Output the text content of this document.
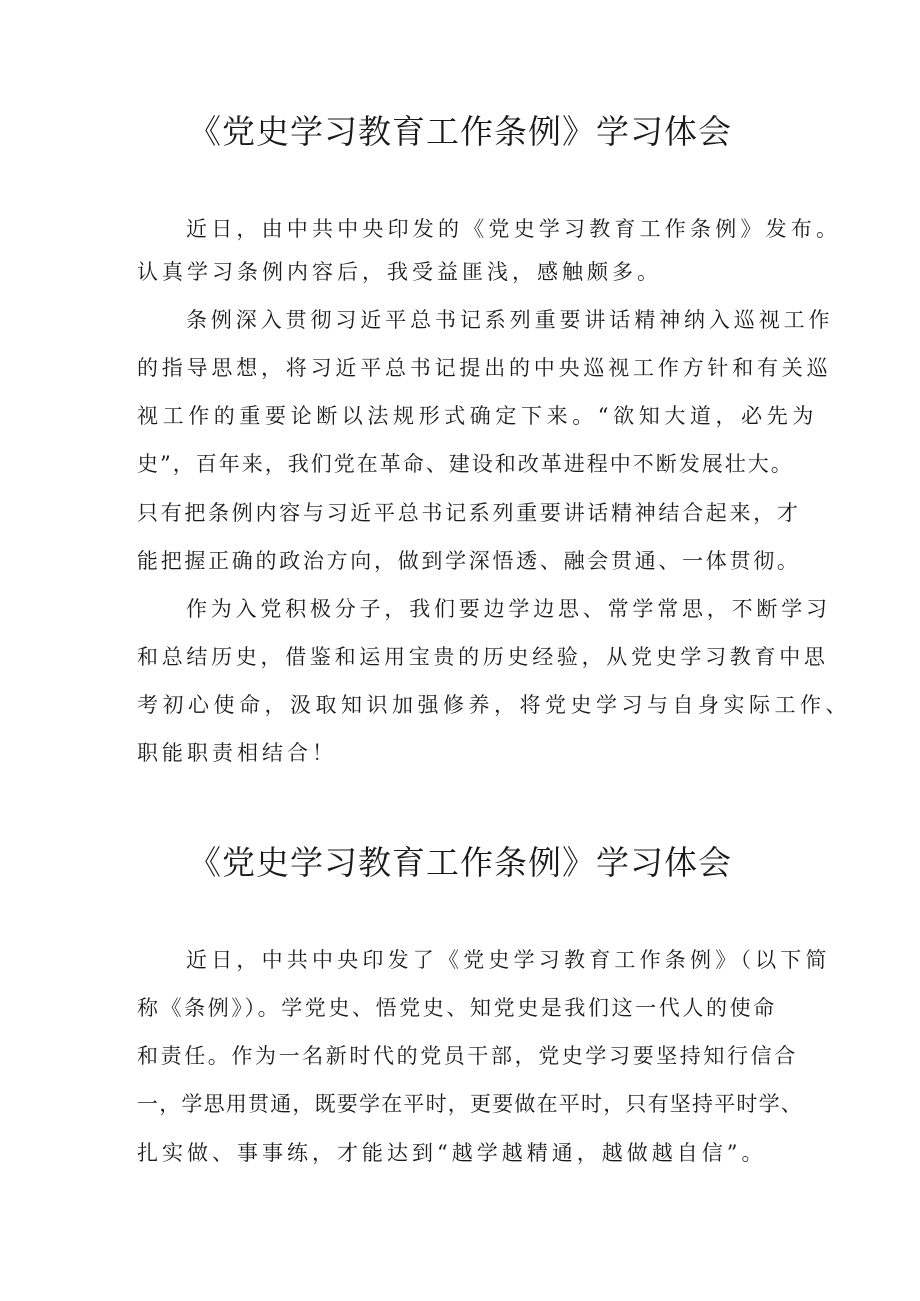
《党史学习教育工作条例》学习体会

近日，由中共中央印发的《党史学习教育工作条例》发布。

认真学习条例内容后，我受益匪浅，感触颇多。

条例深入贯彻习近平总书记系列重要讲话精神纳入巡视工作

的指导思想，将习近平总书记提出的中央巡视工作方针和有关巡

视工作的重要论断以法规形式确定下来。“欲知大道，必先为

史”，百年来，我们党在革命、建设和改革进程中不断发展壮大。

只有把条例内容与习近平总书记系列重要讲话精神结合起来，才

能把握正确的政治方向，做到学深悟透、融会贯通、一体贯彻。

作为入党积极分子，我们要边学边思、常学常思，不断学习

和总结历史，借鉴和运用宝贵的历史经验，从党史学习教育中思

考初心使命，汲取知识加强修养，将党史学习与自身实际工作、

职能职责相结合！

《党史学习教育工作条例》学习体会

近日，中共中央印发了《党史学习教育工作条例》（以下简

称《条例》）。学党史、悟党史、知党史是我们这一代人的使命

和责任。作为一名新时代的党员干部，党史学习要坚持知行信合

一，学思用贯通，既要学在平时，更要做在平时，只有坚持平时学、

扎实做、事事练，才能达到“越学越精通，越做越自信”。
